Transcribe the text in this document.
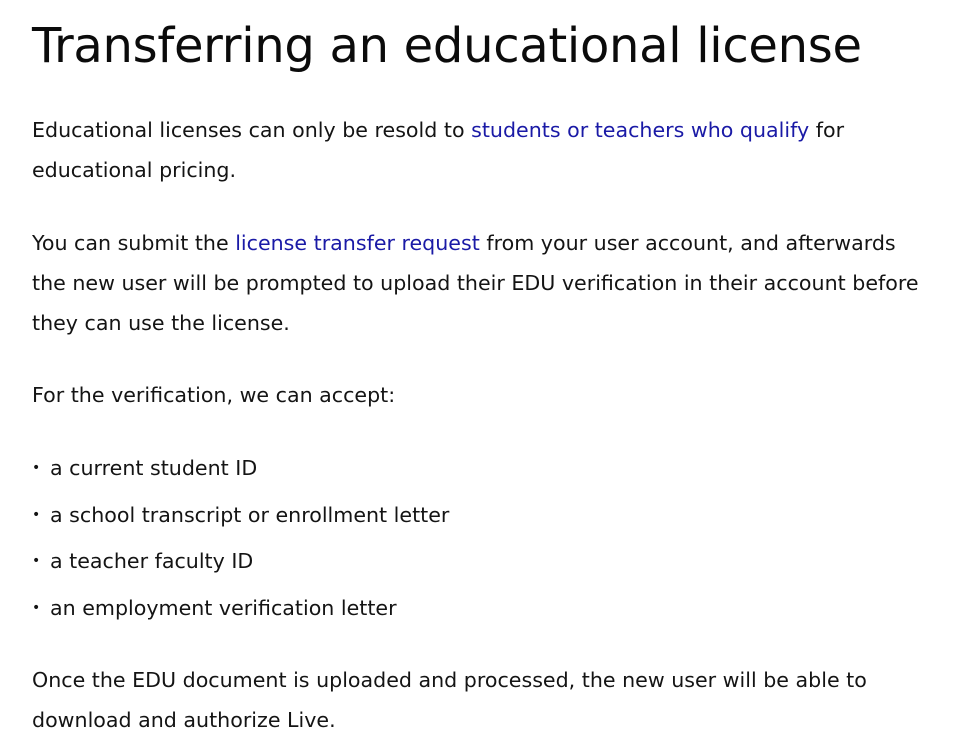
Transferring an educational license

Educational licenses can only be resold to students or teachers who qualify for educational pricing.

You can submit the license transfer request from your user account, and afterwards the new user will be prompted to upload their EDU verification in their account before they can use the license.

For the verification, we can accept:

• a current student ID
• a school transcript or enrollment letter
• a teacher faculty ID
• an employment verification letter

Once the EDU document is uploaded and processed, the new user will be able to download and authorize Live.
